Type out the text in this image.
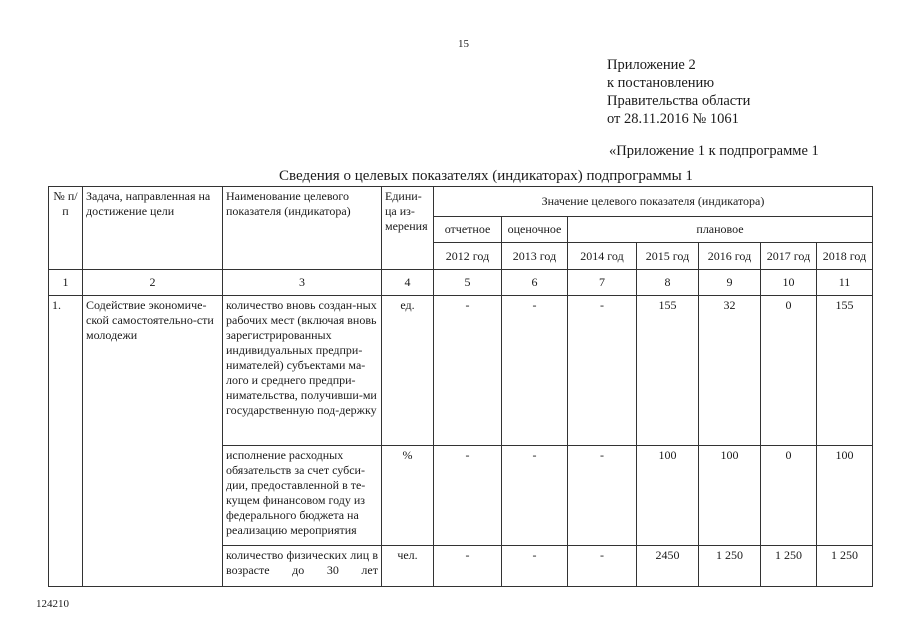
15
Приложение 2
к постановлению
Правительства области
от 28.11.2016 № 1061
«Приложение 1 к подпрограмме 1
Сведения о целевых показателях (индикаторах) подпрограммы 1
№ п/п	Задача, направленная на достижение цели	Наименование целевого показателя (индикатора)	Едини-ца из-мерения	Значение целевого показателя (индикатора)						
				отчетное	оценочное	плановое				
				2012 год	2013 год	2014 год	2015 год	2016 год	2017 год	2018 год
1	2	3	4	5	6	7	8	9	10	11
1.	Содействие экономиче-ской самостоятельно-сти молодежи	количество вновь создан-ных рабочих мест (включая вновь зарегистрированных индивидуальных предпри-нимателей) субъектами ма-лого и среднего предпри-нимательства, получивши-ми государственную под-держку	ед.	-	-	-	155	32	0	155
		исполнение расходных обязательств за счет субси-дии, предоставленной в те-кущем финансовом году из федерального бюджета на реализацию мероприятия	%	-	-	-	100	100	0	100

		количество физических лиц в возрасте до 30 лет	чел.	-	-	-	2450	1 250	1 250	1 250
124210
